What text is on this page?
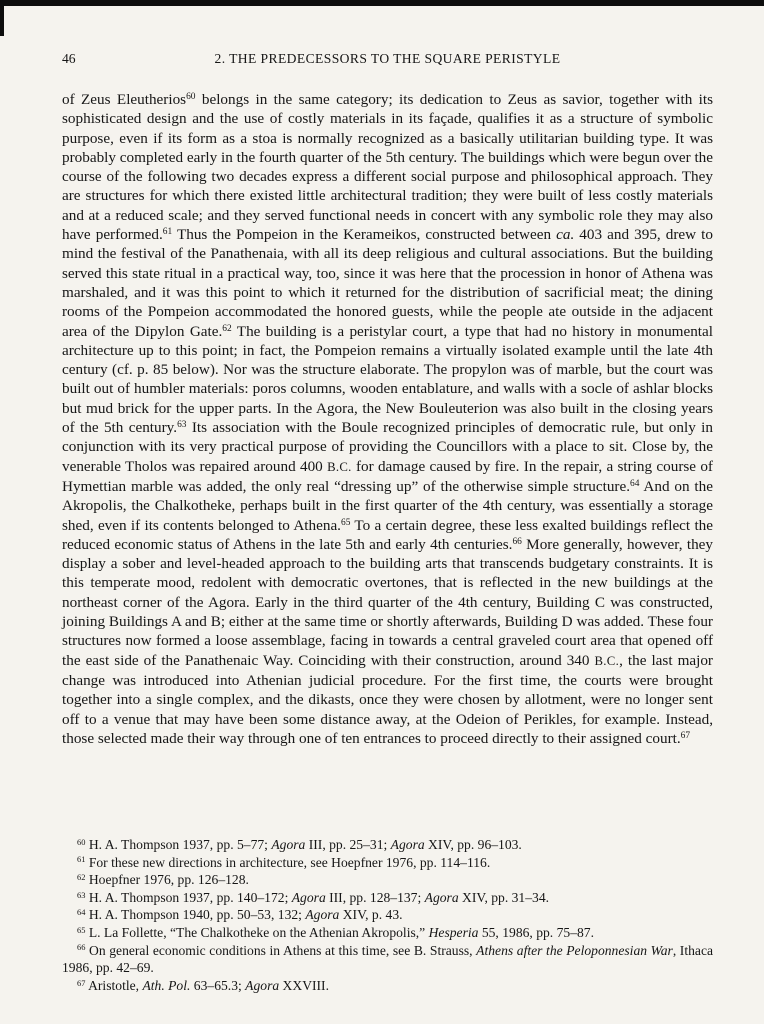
46	2. THE PREDECESSORS TO THE SQUARE PERISTYLE

of Zeus Eleutherios$^{60}$ belongs in the same category; its dedication to Zeus as savior, together with its sophisticated design and the use of costly materials in its façade, qualifies it as a structure of symbolic purpose, even if its form as a stoa is normally recognized as a basically utilitarian building type. It was probably completed early in the fourth quarter of the 5th century. The buildings which were begun over the course of the following two decades express a different social purpose and philosophical approach. They are structures for which there existed little architectural tradition; they were built of less costly materials and at a reduced scale; and they served functional needs in concert with any symbolic role they may also have performed.$^{61}$ Thus the Pompeion in the Kerameikos, constructed between ca. 403 and 395, drew to mind the festival of the Panathenaia, with all its deep religious and cultural associations. But the building served this state ritual in a practical way, too, since it was here that the procession in honor of Athena was marshaled, and it was this point to which it returned for the distribution of sacrificial meat; the dining rooms of the Pompeion accommodated the honored guests, while the people ate outside in the adjacent area of the Dipylon Gate.$^{62}$ The building is a peristylar court, a type that had no history in monumental architecture up to this point; in fact, the Pompeion remains a virtually isolated example until the late 4th century (cf. p. 85 below). Nor was the structure elaborate. The propylon was of marble, but the court was built out of humbler materials: poros columns, wooden entablature, and walls with a socle of ashlar blocks but mud brick for the upper parts. In the Agora, the New Bouleuterion was also built in the closing years of the 5th century.$^{63}$ Its association with the Boule recognized principles of democratic rule, but only in conjunction with its very practical purpose of providing the Councillors with a place to sit. Close by, the venerable Tholos was repaired around 400 B.C. for damage caused by fire. In the repair, a string course of Hymettian marble was added, the only real “dressing up” of the otherwise simple structure.$^{64}$ And on the Akropolis, the Chalkotheke, perhaps built in the first quarter of the 4th century, was essentially a storage shed, even if its contents belonged to Athena.$^{65}$ To a certain degree, these less exalted buildings reflect the reduced economic status of Athens in the late 5th and early 4th centuries.$^{66}$ More generally, however, they display a sober and level-headed approach to the building arts that transcends budgetary constraints. It is this temperate mood, redolent with democratic overtones, that is reflected in the new buildings at the northeast corner of the Agora. Early in the third quarter of the 4th century, Building C was constructed, joining Buildings A and B; either at the same time or shortly afterwards, Building D was added. These four structures now formed a loose assemblage, facing in towards a central graveled court area that opened off the east side of the Panathenaic Way. Coinciding with their construction, around 340 B.C., the last major change was introduced into Athenian judicial procedure. For the first time, the courts were brought together into a single complex, and the dikasts, once they were chosen by allotment, were no longer sent off to a venue that may have been some distance away, at the Odeion of Perikles, for example. Instead, those selected made their way through one of ten entrances to proceed directly to their assigned court.$^{67}$

$^{60}$ H. A. Thompson 1937, pp. 5–77; Agora III, pp. 25–31; Agora XIV, pp. 96–103.

$^{61}$ For these new directions in architecture, see Hoepfner 1976, pp. 114–116.

$^{62}$ Hoepfner 1976, pp. 126–128.

$^{63}$ H. A. Thompson 1937, pp. 140–172; Agora III, pp. 128–137; Agora XIV, pp. 31–34.

$^{64}$ H. A. Thompson 1940, pp. 50–53, 132; Agora XIV, p. 43.

$^{65}$ L. La Follette, “The Chalkotheke on the Athenian Akropolis,” Hesperia 55, 1986, pp. 75–87.

$^{66}$ On general economic conditions in Athens at this time, see B. Strauss, Athens after the Peloponnesian War, Ithaca 1986, pp. 42–69.

$^{67}$ Aristotle, Ath. Pol. 63–65.3; Agora XXVIII.
